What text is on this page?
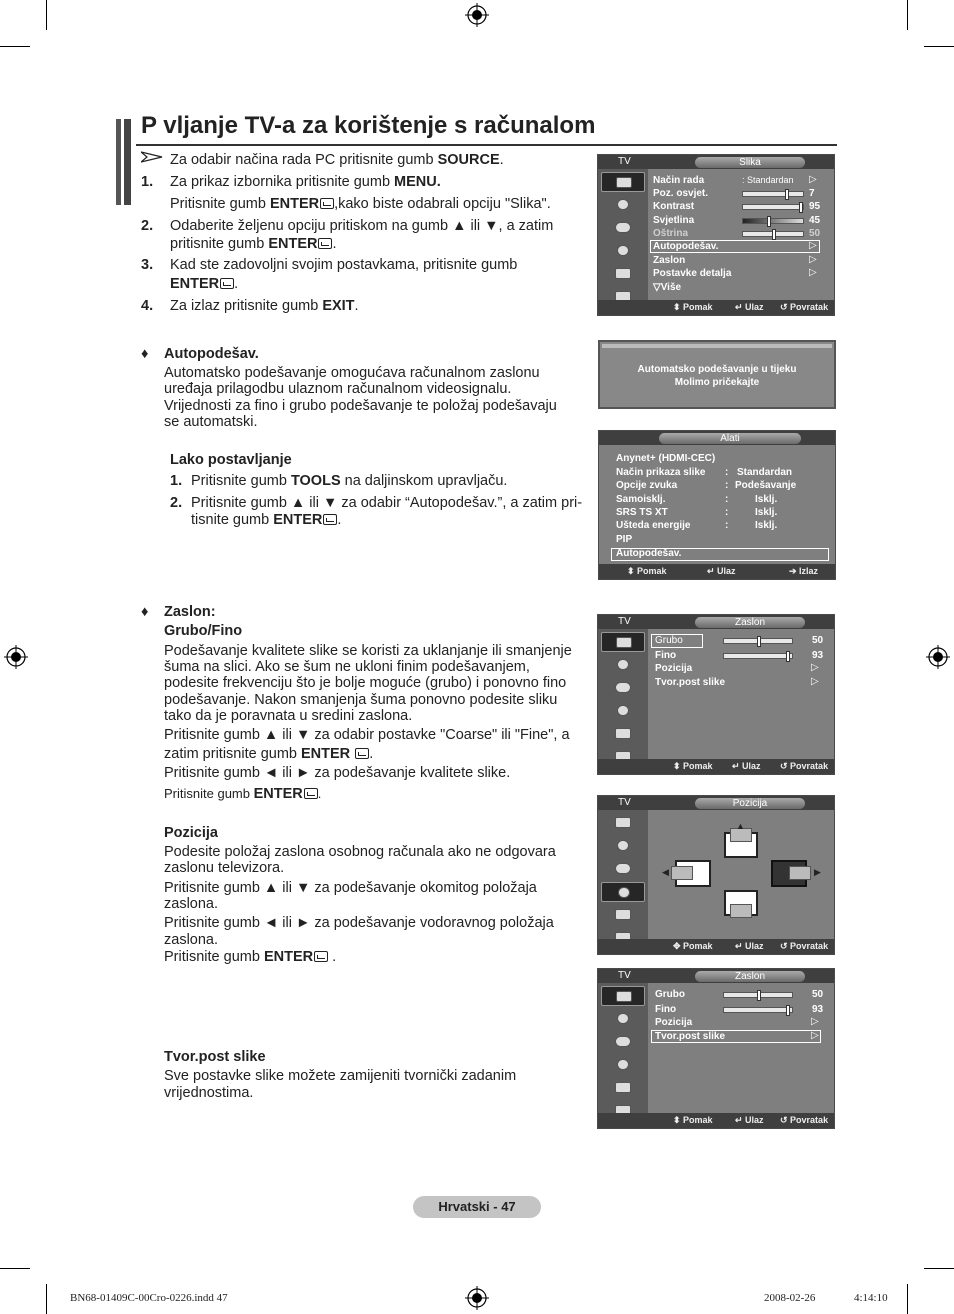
P vljanje TV-a za korištenje s računalom
Za odabir načina rada PC pritisnite gumb SOURCE.
1. Za prikaz izbornika pritisnite gumb MENU.
Pritisnite gumb ENTER ,kako biste odabrali opciju "Slika".
2. Odaberite željenu opciju pritiskom na gumb ▲ ili ▼, a zatim
pritisnite gumb ENTER .
3. Kad ste zadovoljni svojim postavkama, pritisnite gumb
ENTER .
4. Za izlaz pritisnite gumb EXIT.
♦ Autopodešav.
Automatsko podešavanje omogućava računalnom zaslonu
uređaja prilagodbu ulaznom računalnom videosignalu.
Vrijednosti za fino i grubo podešavanje te položaj podešavaju
se automatski.
Lako postavljanje
1. Pritisnite gumb TOOLS na daljinskom upravljaču.
2. Pritisnite gumb ▲ ili ▼ za odabir “Autopodešav.”, a zatim pri-
tisnite gumb ENTER .
♦ Zaslon:
Grubo/Fino
Podešavanje kvalitete slike se koristi za uklanjanje ili smanjenje
šuma na slici. Ako se šum ne ukloni finim podešavanjem,
podesite frekvenciju što je bolje moguće (grubo) i ponovno fino
podešavanje. Nakon smanjenja šuma ponovno podesite sliku
tako da je poravnata u sredini zaslona.
Pritisnite gumb ▲ ili ▼ za odabir postavke "Coarse" ili "Fine", a
zatim pritisnite gumb ENTER .
Pritisnite gumb ◄ ili ► za podešavanje kvalitete slike.
Pritisnite gumb ENTER .
Pozicija
Podesite položaj zaslona osobnog računala ako ne odgovara
zaslonu televizora.
Pritisnite gumb ▲ ili ▼ za podešavanje okomitog položaja
zaslona.
Pritisnite gumb ◄ ili ► za podešavanje vodoravnog položaja
zaslona.
Pritisnite gumb ENTER .
Tvor.post slike
Sve postavke slike možete zamijeniti tvornički zadanim
vrijednostima.
TV	Slika
Način rada	: Standardan ▷
Poz. osvjet.	7
Kontrast	95
Svjetlina	45
Oštrina	50
Autopodešav.	▷
Zaslon	▷
Postavke detalja	▷
▽Više
⬍ Pomak ↵ Ulaz ↺ Povratak
Automatsko podešavanje u tijeku
Molimo pričekajte
Alati
Anynet+ (HDMI-CEC)
Način prikaza slike : Standardan
Opcije zvuka	: Podešavanje
Samoisklj.	:	Isklj.
SRS TS XT	:	Isklj.
Ušteda energije	:	Isklj.
PIP
Autopodešav.
⬍ Pomak	↵ Ulaz	➔ Izlaz
TV	Zaslon
Grubo	50
Fino	93
Pozicija	▷
Tvor.post slike	▷
⬍ Pomak ↵ Ulaz ↺ Povratak
TV	Pozicija
▲
◀	▶
✥ Pomak ↵ Ulaz ↺ Povratak
TV	Zaslon
Grubo	50
Fino	93
Pozicija	▷
Tvor.post slike	▷
⬍ Pomak ↵ Ulaz ↺ Povratak
Hrvatski - 47
BN68-01409C-00Cro-0226.indd 47	2008-02-26	4:14:10
